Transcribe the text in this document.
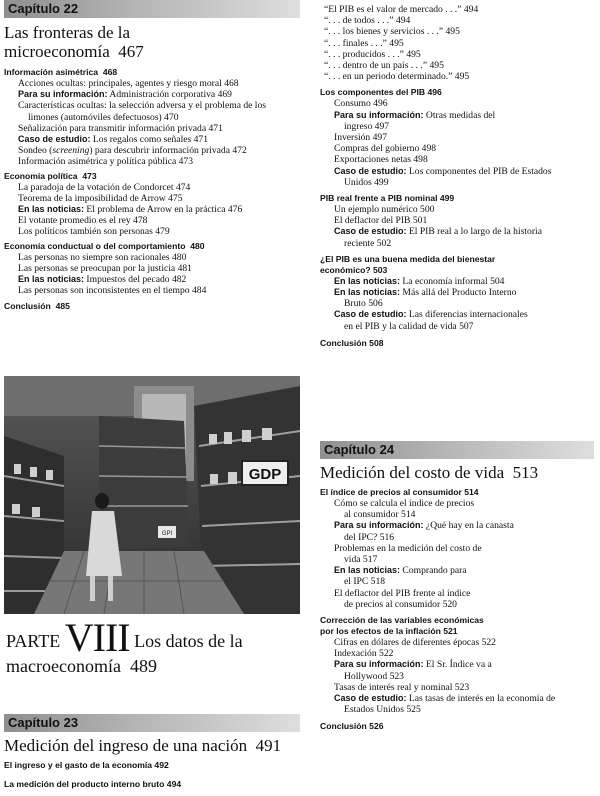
Capítulo 22
Las fronteras de la
microeconomía 467
Información asimétrica 468
Acciones ocultas: principales, agentes y riesgo moral 468
Para su información: Administración corporativa 469
Características ocultas: la selección adversa y el problema de los
limones (automóviles defectuosos) 470
Señalización para transmitir información privada 471
Caso de estudio: Los regalos como señales 471
Sondeo (screening) para descubrir información privada 472
Información asimétrica y política pública 473
Economía política 473
La paradoja de la votación de Condorcet 474
Teorema de la imposibilidad de Arrow 475
En las noticias: El problema de Arrow en la práctica 476
El votante promedio es el rey 478
Los políticos también son personas 479
Economía conductual o del comportamiento 480
Las personas no siempre son racionales 480
Las personas se preocupan por la justicia 481
En las noticias: Impuestos del pecado 482
Las personas son inconsistentes en el tiempo 484
Conclusión 485
GDP
GPI
PARTE VIII Los datos de la
macroeconomía 489
Capítulo 23
Medición del ingreso de una nación 491
El ingreso y el gasto de la economía 492
La medición del producto interno bruto 494
“El PIB es el valor de mercado . . .” 494
“. . . de todos . . .” 494
“. . . los bienes y servicios . . .” 495
“. . . finales . . .” 495
“. . . producidos . . .” 495
“. . . dentro de un país . . .” 495
“. . . en un periodo determinado.” 495
Los componentes del PIB 496
Consumo 496
Para su información: Otras medidas del
ingreso 497
Inversión 497
Compras del gobierno 498
Exportaciones netas 498
Caso de estudio: Los componentes del PIB de Estados
Unidos 499
PIB real frente a PIB nominal 499
Un ejemplo numérico 500
El deflactor del PIB 501
Caso de estudio: El PIB real a lo largo de la historia
reciente 502
¿El PIB es una buena medida del bienestar
económico? 503
En las noticias: La economía informal 504
En las noticias: Más allá del Producto Interno
Bruto 506
Caso de estudio: Las diferencias internacionales
en el PIB y la calidad de vida 507
Conclusión 508
Capítulo 24
Medición del costo de vida 513
El índice de precios al consumidor 514
Cómo se calcula el índice de precios
al consumidor 514
Para su información: ¿Qué hay en la canasta
del IPC? 516
Problemas en la medición del costo de
vida 517
En las noticias: Comprando para
el IPC 518
El deflactor del PIB frente al índice
de precios al consumidor 520
Corrección de las variables económicas
por los efectos de la inflación 521
Cifras en dólares de diferentes épocas 522
Indexación 522
Para su información: El Sr. Índice va a
Hollywood 523
Tasas de interés real y nominal 523
Caso de estudio: Las tasas de interés en la economía de
Estados Unidos 525
Conclusión 526
